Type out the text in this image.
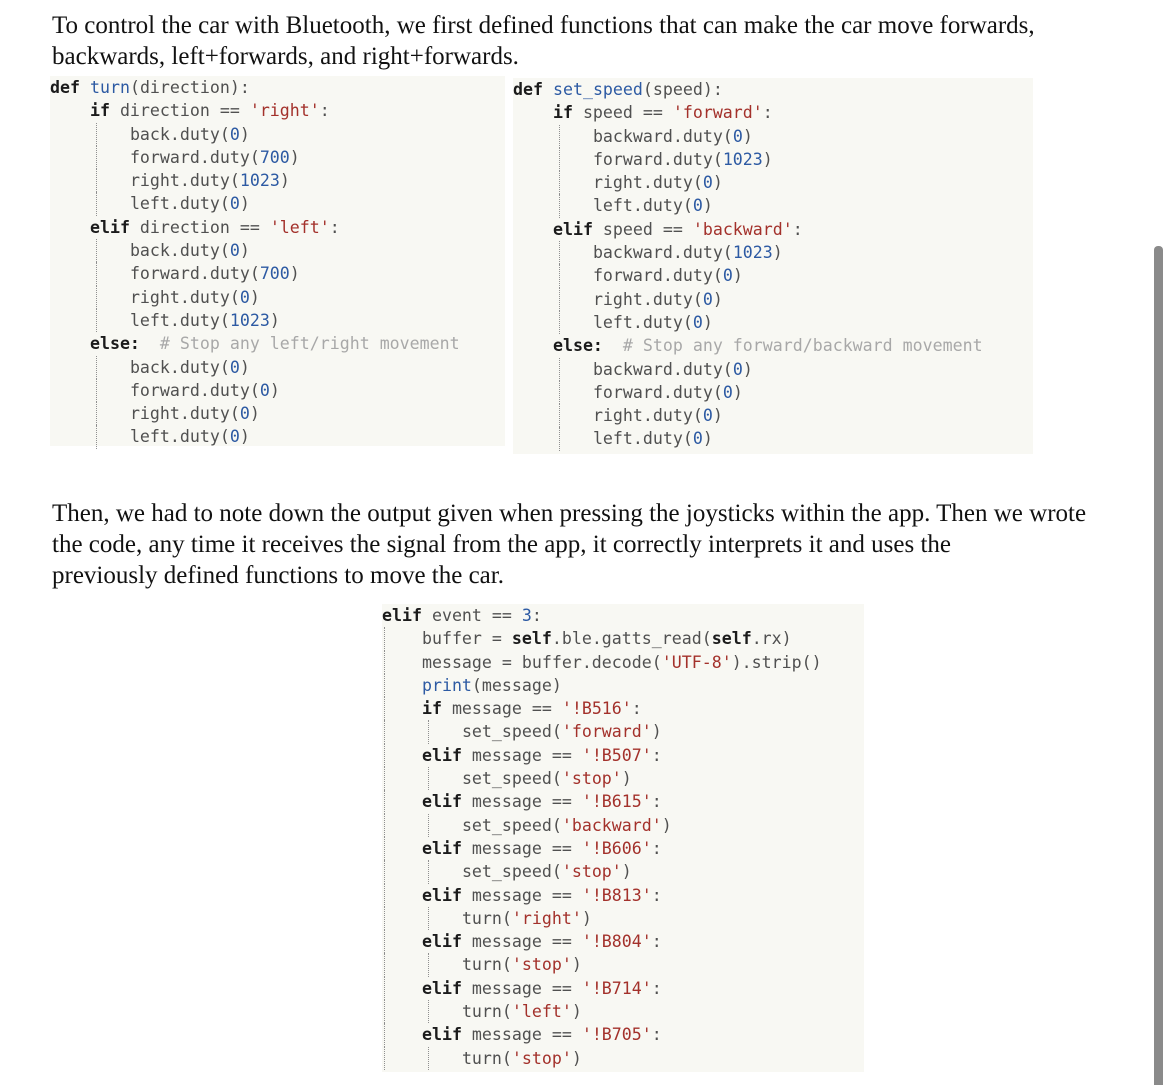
To control the car with Bluetooth, we first defined functions that can make the car move forwards,
backwards, left+forwards, and right+forwards.
def turn(direction):
if direction == 'right':
back.duty(0)
forward.duty(700)
right.duty(1023)
left.duty(0)
elif direction == 'left':
back.duty(0)
forward.duty(700)
right.duty(0)
left.duty(1023)
else: # Stop any left/right movement
back.duty(0)
forward.duty(0)
right.duty(0)
left.duty(0)
def set_speed(speed):
if speed == 'forward':
backward.duty(0)
forward.duty(1023)
right.duty(0)
left.duty(0)
elif speed == 'backward':
backward.duty(1023)
forward.duty(0)
right.duty(0)
left.duty(0)
else: # Stop any forward/backward movement
backward.duty(0)
forward.duty(0)
right.duty(0)
left.duty(0)
Then, we had to note down the output given when pressing the joysticks within the app. Then we wrote
the code, any time it receives the signal from the app, it correctly interprets it and uses the
previously defined functions to move the car.
elif event == 3:
buffer = self.ble.gatts_read(self.rx)
message = buffer.decode('UTF-8').strip()
print(message)
if message == '!B516':
set_speed('forward')
elif message == '!B507':
set_speed('stop')
elif message == '!B615':
set_speed('backward')
elif message == '!B606':
set_speed('stop')
elif message == '!B813':
turn('right')
elif message == '!B804':
turn('stop')
elif message == '!B714':
turn('left')
elif message == '!B705':
turn('stop')
